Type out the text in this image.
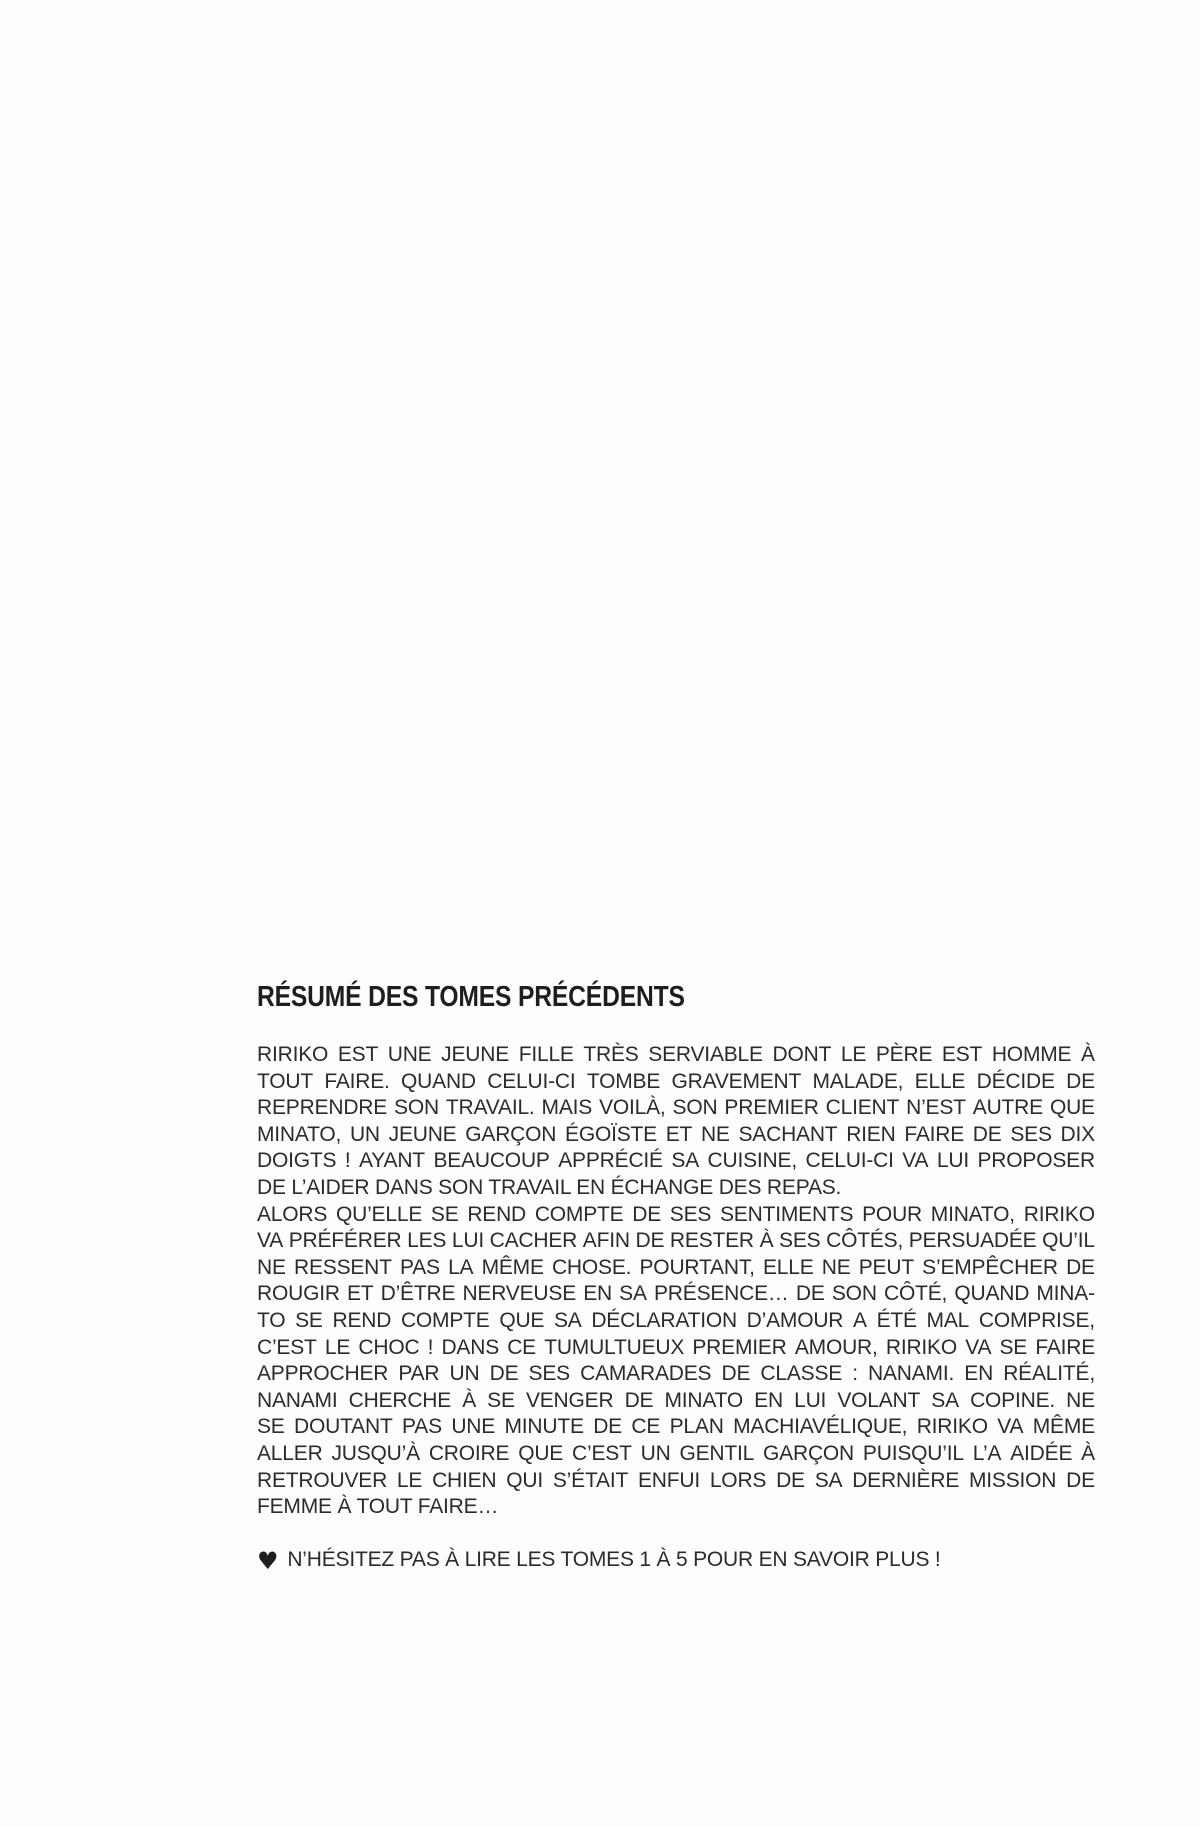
RÉSUMÉ DES TOMES PRÉCÉDENTS
RIRIKO EST UNE JEUNE FILLE TRÈS SERVIABLE DONT LE PÈRE EST HOMME À
TOUT FAIRE. QUAND CELUI-CI TOMBE GRAVEMENT MALADE, ELLE DÉCIDE DE
REPRENDRE SON TRAVAIL. MAIS VOILÀ, SON PREMIER CLIENT N’EST AUTRE QUE
MINATO, UN JEUNE GARÇON ÉGOÏSTE ET NE SACHANT RIEN FAIRE DE SES DIX
DOIGTS ! AYANT BEAUCOUP APPRÉCIÉ SA CUISINE, CELUI-CI VA LUI PROPOSER
DE L’AIDER DANS SON TRAVAIL EN ÉCHANGE DES REPAS.
ALORS QU’ELLE SE REND COMPTE DE SES SENTIMENTS POUR MINATO, RIRIKO
VA PRÉFÉRER LES LUI CACHER AFIN DE RESTER À SES CÔTÉS, PERSUADÉE QU’IL
NE RESSENT PAS LA MÊME CHOSE. POURTANT, ELLE NE PEUT S’EMPÊCHER DE
ROUGIR ET D’ÊTRE NERVEUSE EN SA PRÉSENCE… DE SON CÔTÉ, QUAND MINA-
TO SE REND COMPTE QUE SA DÉCLARATION D’AMOUR A ÉTÉ MAL COMPRISE,
C’EST LE CHOC ! DANS CE TUMULTUEUX PREMIER AMOUR, RIRIKO VA SE FAIRE
APPROCHER PAR UN DE SES CAMARADES DE CLASSE : NANAMI. EN RÉALITÉ,
NANAMI CHERCHE À SE VENGER DE MINATO EN LUI VOLANT SA COPINE. NE
SE DOUTANT PAS UNE MINUTE DE CE PLAN MACHIAVÉLIQUE, RIRIKO VA MÊME
ALLER JUSQU’À CROIRE QUE C’EST UN GENTIL GARÇON PUISQU’IL L’A AIDÉE À
RETROUVER LE CHIEN QUI S’ÉTAIT ENFUI LORS DE SA DERNIÈRE MISSION DE
FEMME À TOUT FAIRE…
♥ N’HÉSITEZ PAS À LIRE LES TOMES 1 À 5 POUR EN SAVOIR PLUS !
